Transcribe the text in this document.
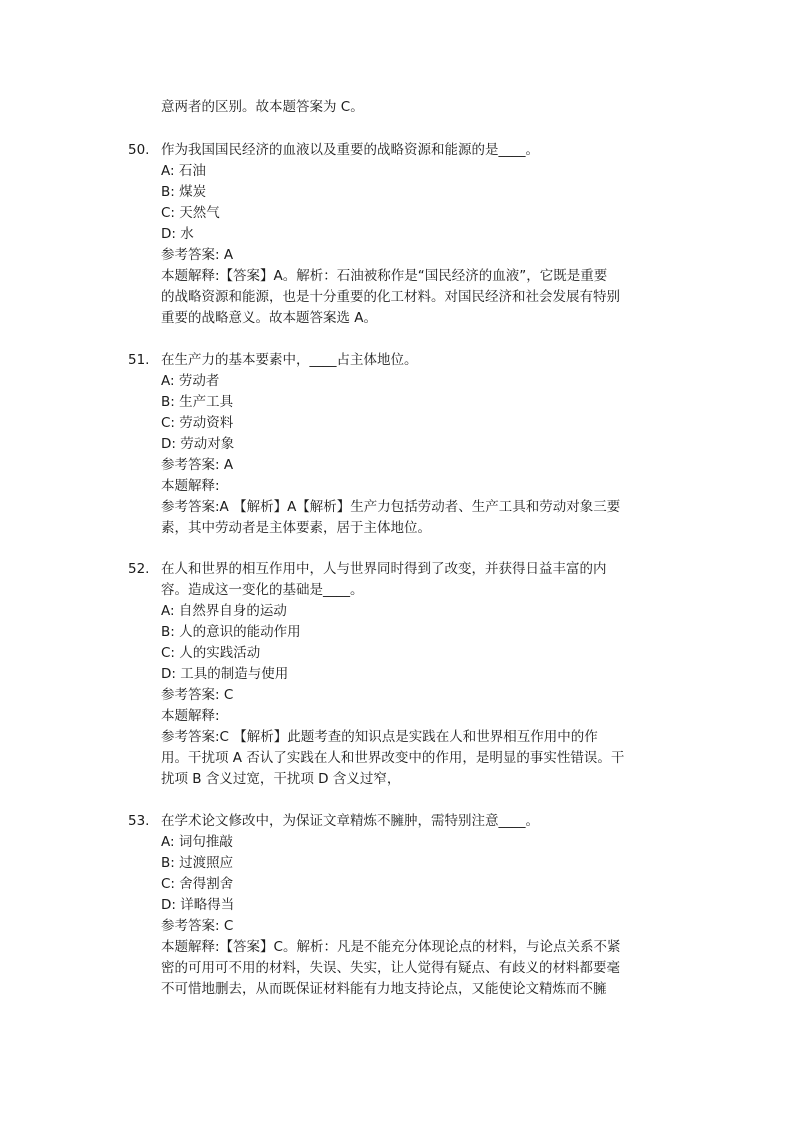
意两者的区别。故本题答案为 C。
50. 作为我国国民经济的血液以及重要的战略资源和能源的是____。
A: 石油
B: 煤炭
C: 天然气
D: 水
参考答案: A
本题解释:【答案】A。解析：石油被称作是“国民经济的血液”，它既是重要
的战略资源和能源，也是十分重要的化工材料。对国民经济和社会发展有特别
重要的战略意义。故本题答案选 A。
51. 在生产力的基本要素中，____占主体地位。
A: 劳动者
B: 生产工具
C: 劳动资料
D: 劳动对象
参考答案: A
本题解释:
参考答案:A 【解析】A【解析】生产力包括劳动者、生产工具和劳动对象三要
素，其中劳动者是主体要素，居于主体地位。
52. 在人和世界的相互作用中，人与世界同时得到了改变，并获得日益丰富的内
容。造成这一变化的基础是____。
A: 自然界自身的运动
B: 人的意识的能动作用
C: 人的实践活动
D: 工具的制造与使用
参考答案: C
本题解释:
参考答案:C 【解析】此题考查的知识点是实践在人和世界相互作用中的作
用。干扰项 A 否认了实践在人和世界改变中的作用，是明显的事实性错误。干
扰项 B 含义过宽，干扰项 D 含义过窄，
53. 在学术论文修改中，为保证文章精炼不臃肿，需特别注意____。
A: 词句推敲
B: 过渡照应
C: 舍得割舍
D: 详略得当
参考答案: C
本题解释:【答案】C。解析：凡是不能充分体现论点的材料，与论点关系不紧
密的可用可不用的材料，失误、失实，让人觉得有疑点、有歧义的材料都要毫
不可惜地删去，从而既保证材料能有力地支持论点，又能使论文精炼而不臃
